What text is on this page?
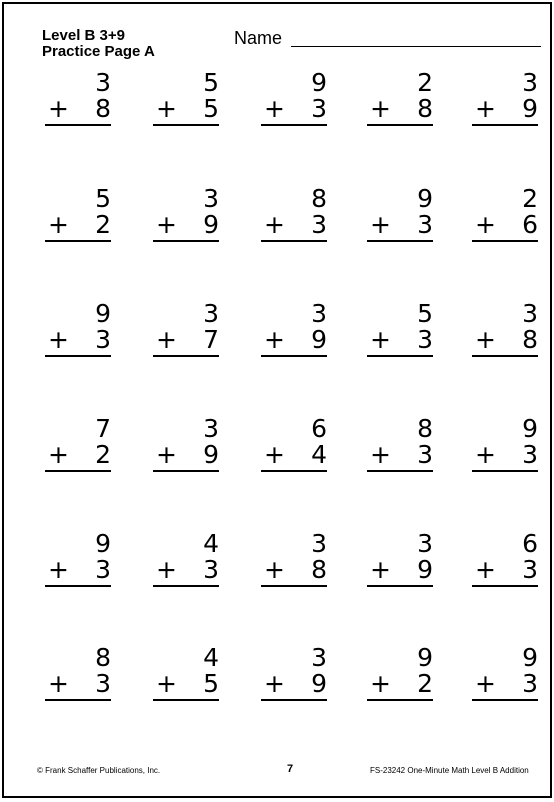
Level B 3+9
Practice Page A
Name
3
+ 8
5
+ 5
9
+ 3
2
+ 8
3
+ 9
5
+ 2
3
+ 9
8
+ 3
9
+ 3
2
+ 6
9
+ 3
3
+ 7
3
+ 9
5
+ 3
3
+ 8
7
+ 2
3
+ 9
6
+ 4
8
+ 3
9
+ 3
9
+ 3
4
+ 3
3
+ 8
3
+ 9
6
+ 3
8
+ 3
4
+ 5
3
+ 9
9
+ 2
9
+ 3
© Frank Schaffer Publications, Inc.	7	FS-23242 One-Minute Math Level B Addition
